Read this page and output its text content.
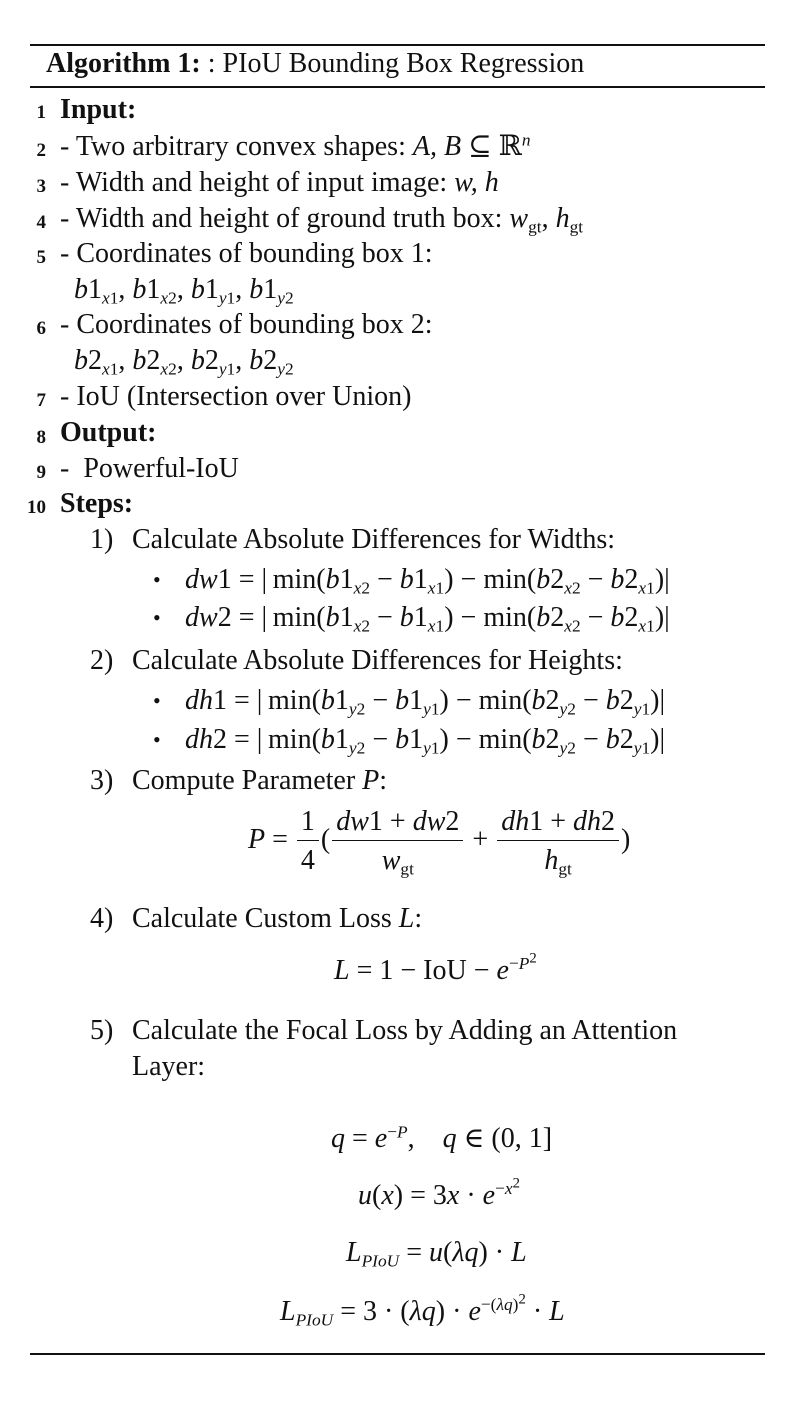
Algorithm 1: : PIoU Bounding Box Regression
1
2
3
4
5
6
7
8
9
10
Input:
- Two arbitrary convex shapes: A, B ⊆ ℝ$^n$
- Width and height of input image: w, h
- Width and height of ground truth box: $w_{gt}$, $h_{gt}$
- Coordinates of bounding box 1:
$b1_{x1}$, $b1_{x2}$, $b1_{y1}$, $b1_{y2}$
- Coordinates of bounding box 2:
$b2_{x1}$, $b2_{x2}$, $b2_{y1}$, $b2_{y2}$
- IoU (Intersection over Union)
Output:
-  Powerful-IoU
Steps:
1) Calculate Absolute Differences for Widths:
• dw1 = | $\min(b1_{x2} - b1_{x1}) - \min(b2_{x2} - b2_{x1})|$
• dw2 = | $\min(b1_{x2} - b1_{x1}) - \min(b2_{x2} - b2_{x1})|$
2) Calculate Absolute Differences for Heights:
• dh1 = | $\min(b1_{y2} - b1_{y1}) - \min(b2_{y2} - b2_{y1})|$
• dh2 = | $\min(b1_{y2} - b1_{y1}) - \min(b2_{y2} - b2_{y1})|$
3) Compute Parameter P:
$P = \frac{1}{4}$ ( $\frac{dw1 + dw2}{w_{gt}} + \frac{dh1 + dh2}{h_{gt}}$ )
4) Calculate Custom Loss L:
L = 1 − IoU − $e^{-P^2}$
5) Calculate the Focal Loss by Adding an Attention
Layer:
$q = e^{-P}$,    q ∈ (0, 1]
$u(x) = 3x \cdot e^{-x^2}$
$L_{PIoU} = u(\lambda q) \cdot L$
$L_{PIoU} = 3 \cdot (\lambda q) \cdot e^{-(\lambda q)^2} \cdot L$
